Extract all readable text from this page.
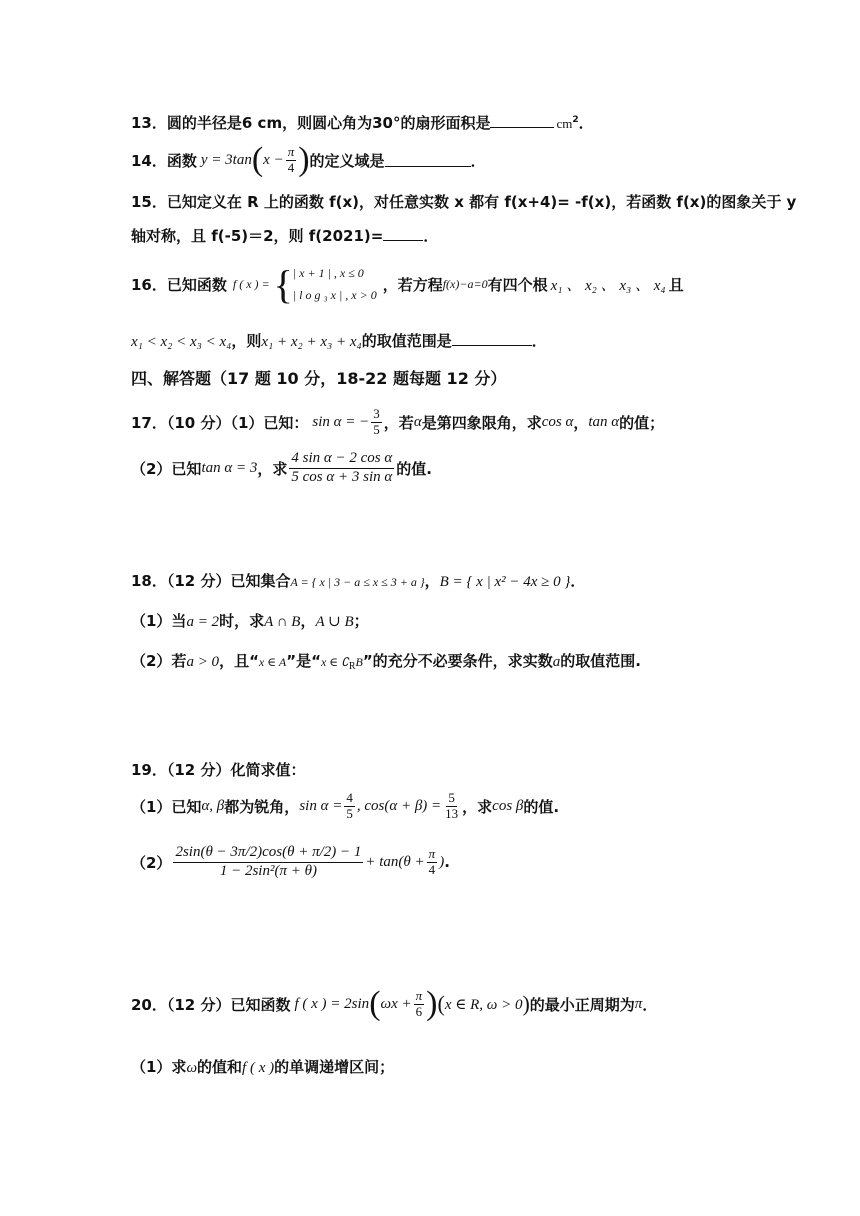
13．圆的半径是6 cm，则圆心角为30°的扇形面积是	$cm^2$．
14． 函数 y = 3tan ( $x - \frac{\pi}{4}$ ) 的定义域是	．
15．已知定义在 R 上的函数 f(x)，对任意实数 x 都有 f(x+4)= -f(x)，若函数 f(x)的图象关于 y
轴对称，且 f(-5)＝2，则 f(2021)=	．
16． 已知函数 f ( x ) = { | x + 1 | , x ≤ 0
| l o g ₃ x | , x > 0
，若方程 f(x)−a=0 有四个根 x₁ 、 x₂ 、 x₃ 、 x₄ 且
x₁ < x₂ < x₃ < x₄，则x₁ + x₂ + x₃ + x₄的取值范围是	．
四、解答题（17 题 10 分，18-22 题每题 12 分）
17．（10 分）（1）已知： sin α = − $\frac{3}{5}$ ，若 α 是第四象限角，求 cos α ， tan α 的值；
（2）已知 tan α = 3 ，求 $\frac{\text{4 sin α − 2 cos α}}{\text{5 cos α + 3 sin α}}$ 的值.
18．（12 分）已知集合A = { x | 3 − a ≤ x ≤ 3 + a }，B = { x | x² − 4x ≥ 0 }．
（1）当a = 2时，求A ∩ B，A ∪ B；
（2）若a > 0，且“x ∈ A”是“x ∈ $∁_RB$”的充分不必要条件，求实数a的取值范围.
19．（12 分）化简求值：
（1）已知 α, β 都为锐角， $\sin \alpha = \frac{4}{5}$ , $\cos(\alpha + \beta) = \frac{5}{13}$ ，求 cos β 的值.
$(2) \frac{2\sin(\theta - 3\pi/2)\cos(\theta + \pi/2) - 1}{\text{1 − 2sin²(π + θ)}} + \tan(\theta + \frac{\pi}{4}$ ) .
20．（12 分）已知函数 f ( x ) = 2sin ( $\omega x + \frac{\pi}{6}$ ) ( x ∈ R, ω > 0 ) 的最小正周期为 π ．
（1）求ω的值和f ( x )的单调递增区间；
